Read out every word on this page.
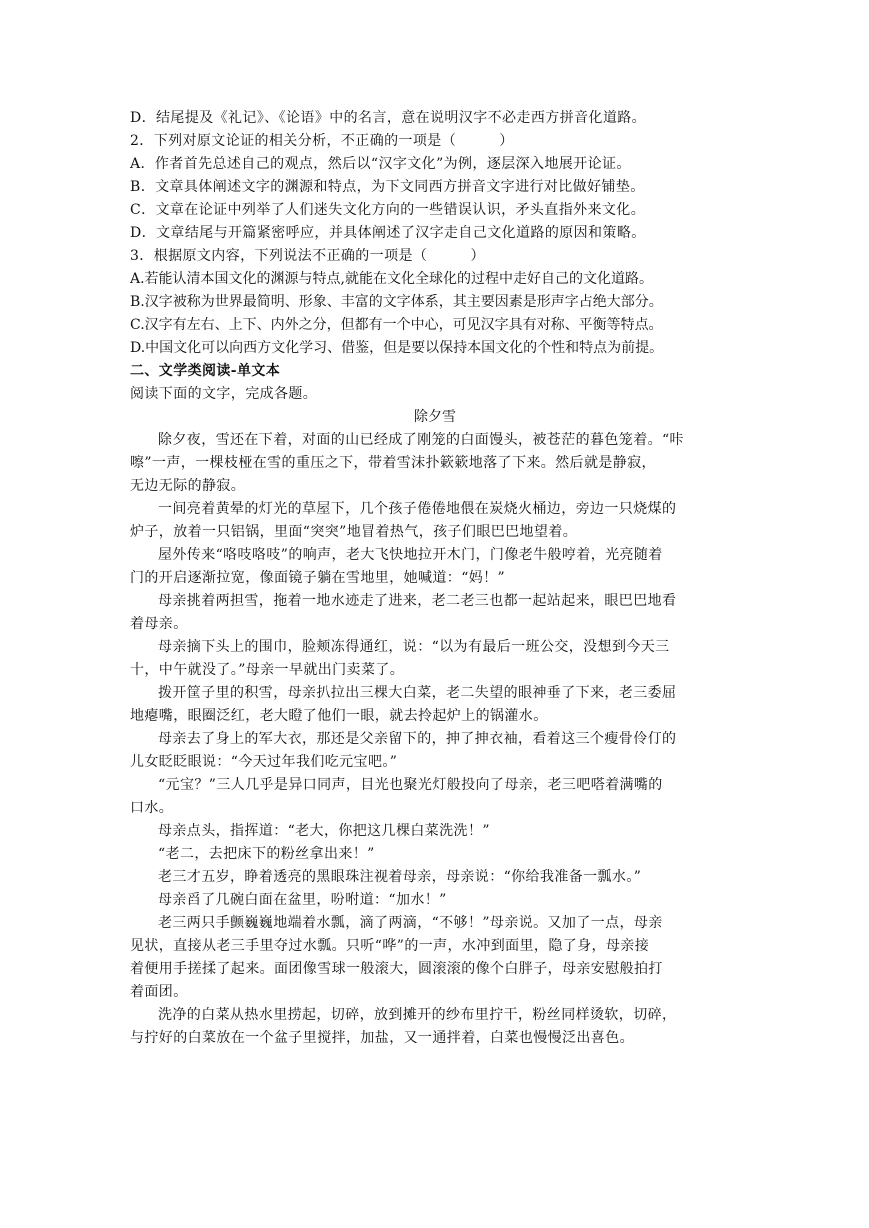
D．结尾提及《礼记》、《论语》中的名言，意在说明汉字不必走西方拼音化道路。
2．下列对原文论证的相关分析，不正确的一项是（　　　）
A．作者首先总述自己的观点，然后以“汉字文化”为例，逐层深入地展开论证。
B．文章具体阐述文字的渊源和特点，为下文同西方拼音文字进行对比做好铺垫。
C．文章在论证中列举了人们迷失文化方向的一些错误认识，矛头直指外来文化。
D．文章结尾与开篇紧密呼应，并具体阐述了汉字走自己文化道路的原因和策略。
3．根据原文内容，下列说法不正确的一项是（　　　）
A.若能认清本国文化的渊源与特点,就能在文化全球化的过程中走好自己的文化道路。
B.汉字被称为世界最简明、形象、丰富的文字体系，其主要因素是形声字占绝大部分。
C.汉字有左右、上下、内外之分，但都有一个中心，可见汉字具有对称、平衡等特点。
D.中国文化可以向西方文化学习、借鉴，但是要以保持本国文化的个性和特点为前提。
二、文学类阅读-单文本
阅读下面的文字，完成各题。
除夕雪
除夕夜，雪还在下着，对面的山已经成了刚笼的白面馒头，被苍茫的暮色笼着。“咔
嚓”一声，一棵枝桠在雪的重压之下，带着雪沫扑簌簌地落了下来。然后就是静寂，
无边无际的静寂。
一间亮着黄晕的灯光的草屋下，几个孩子倦倦地偎在炭烧火桶边，旁边一只烧煤的
炉子，放着一只铝锅，里面“突突”地冒着热气，孩子们眼巴巴地望着。
屋外传来“咯吱咯吱”的响声，老大飞快地拉开木门，门像老牛般哼着，光亮随着
门的开启逐渐拉宽，像面镜子躺在雪地里，她喊道：“妈！”
母亲挑着两担雪，拖着一地水迹走了进来，老二老三也都一起站起来，眼巴巴地看
着母亲。
母亲摘下头上的围巾，脸颊冻得通红，说：“以为有最后一班公交，没想到今天三
十，中午就没了。”母亲一早就出门卖菜了。
拨开筐子里的积雪，母亲扒拉出三棵大白菜，老二失望的眼神垂了下来，老三委屈
地瘪嘴，眼圈泛红，老大瞪了他们一眼，就去拎起炉上的锅灌水。
母亲去了身上的军大衣，那还是父亲留下的，抻了抻衣袖，看着这三个瘦骨伶仃的
儿女眨眨眼说：“今天过年我们吃元宝吧。”
“元宝？”三人几乎是异口同声，目光也聚光灯般投向了母亲，老三吧嗒着满嘴的
口水。
母亲点头，指挥道：“老大，你把这几棵白菜洗洗！”
“老二，去把床下的粉丝拿出来！”
老三才五岁，睁着透亮的黑眼珠注视着母亲，母亲说：“你给我准备一瓢水。”
母亲舀了几碗白面在盆里，吩咐道：“加水！”
老三两只手颤巍巍地端着水瓢，滴了两滴，“不够！”母亲说。又加了一点，母亲
见状，直接从老三手里夺过水瓢。只听“哗”的一声，水冲到面里，隐了身，母亲接
着便用手搓揉了起来。面团像雪球一般滚大，圆滚滚的像个白胖子，母亲安慰般拍打
着面团。
洗净的白菜从热水里捞起，切碎，放到摊开的纱布里拧干，粉丝同样烫软，切碎，
与拧好的白菜放在一个盆子里搅拌，加盐，又一通拌着，白菜也慢慢泛出喜色。
